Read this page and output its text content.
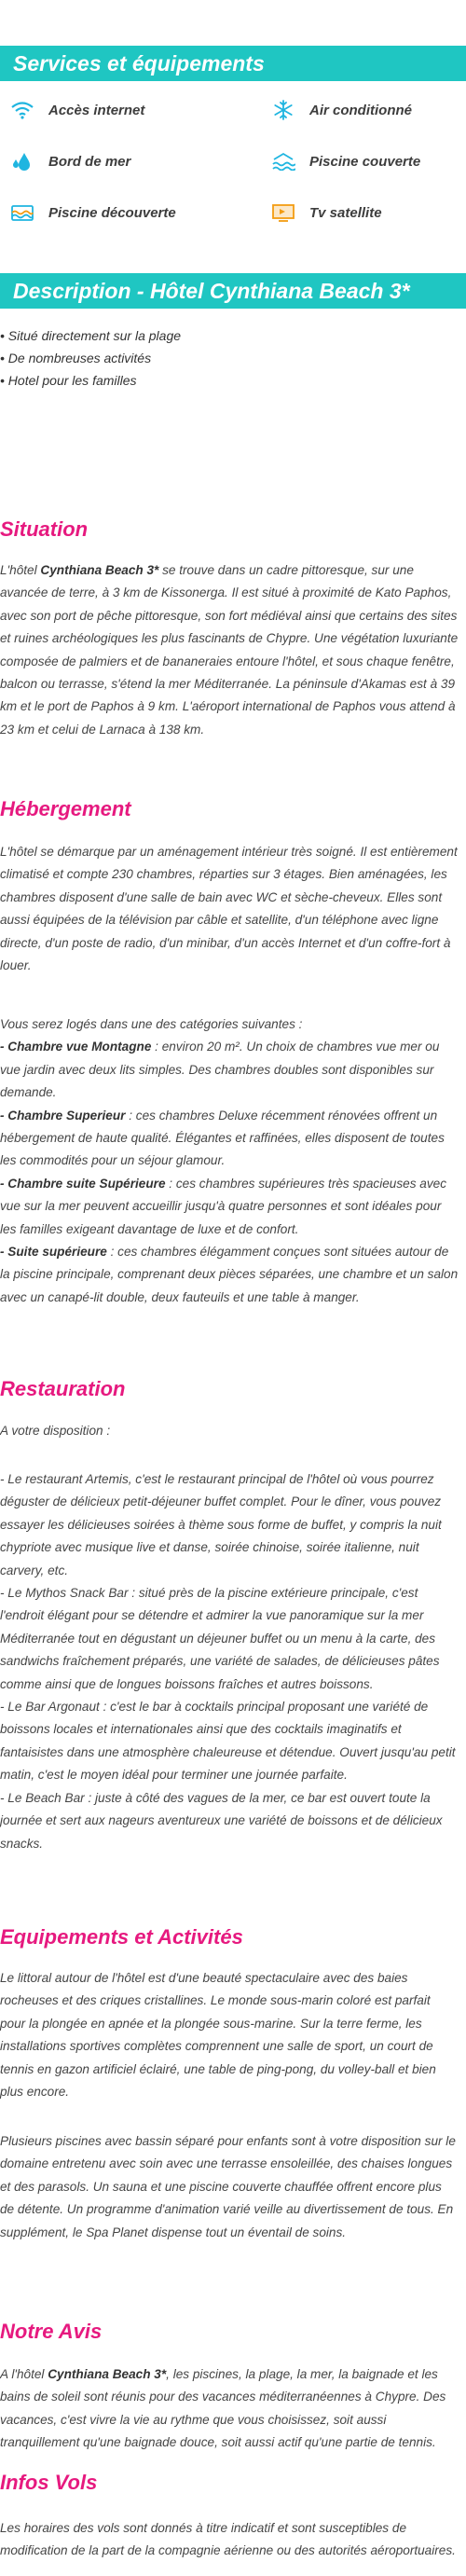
Services et équipements
Accès internet	Air conditionné
Bord de mer	Piscine couverte
Piscine découverte	Tv satellite
Description - Hôtel Cynthiana Beach 3*
• Situé directement sur la plage
• De nombreuses activités
• Hotel pour les familles
Situation

L'hôtel Cynthiana Beach 3* se trouve dans un cadre pittoresque, sur une avancée de terre, à 3 km de Kissonerga. Il est situé à proximité de Kato Paphos, avec son port de pêche pittoresque, son fort médiéval ainsi que certains des sites et ruines archéologiques les plus fascinants de Chypre. Une végétation luxuriante composée de palmiers et de bananeraies entoure l'hôtel, et sous chaque fenêtre, balcon ou terrasse, s'étend la mer Méditerranée. La péninsule d'Akamas est à 39 km et le port de Paphos à 9 km. L'aéroport international de Paphos vous attend à 23 km et celui de Larnaca à 138 km.

Hébergement

L'hôtel se démarque par un aménagement intérieur très soigné. Il est entièrement climatisé et compte 230 chambres, réparties sur 3 étages. Bien aménagées, les chambres disposent d'une salle de bain avec WC et sèche-cheveux. Elles sont aussi équipées de la télévision par câble et satellite, d'un téléphone avec ligne directe, d'un poste de radio, d'un minibar, d'un accès Internet et d'un coffre-fort à louer.

Vous serez logés dans une des catégories suivantes :
- Chambre vue Montagne : environ 20 m². Un choix de chambres vue mer ou vue jardin avec deux lits simples. Des chambres doubles sont disponibles sur demande.
- Chambre Superieur : ces chambres Deluxe récemment rénovées offrent un hébergement de haute qualité. Élégantes et raffinées, elles disposent de toutes les commodités pour un séjour glamour.
- Chambre suite Supérieure : ces chambres supérieures très spacieuses avec vue sur la mer peuvent accueillir jusqu'à quatre personnes et sont idéales pour les familles exigeant davantage de luxe et de confort.
- Suite supérieure : ces chambres élégamment conçues sont situées autour de la piscine principale, comprenant deux pièces séparées, une chambre et un salon avec un canapé-lit double, deux fauteuils et une table à manger.

Restauration

A votre disposition :

- Le restaurant Artemis, c'est le restaurant principal de l'hôtel où vous pourrez déguster de délicieux petit-déjeuner buffet complet. Pour le dîner, vous pouvez essayer les délicieuses soirées à thème sous forme de buffet, y compris la nuit chypriote avec musique live et danse, soirée chinoise, soirée italienne, nuit carvery, etc.
- Le Mythos Snack Bar : situé près de la piscine extérieure principale, c'est l'endroit élégant pour se détendre et admirer la vue panoramique sur la mer Méditerranée tout en dégustant un déjeuner buffet ou un menu à la carte, des sandwichs fraîchement préparés, une variété de salades, de délicieuses pâtes comme ainsi que de longues boissons fraîches et autres boissons.
- Le Bar Argonaut : c'est le bar à cocktails principal proposant une variété de boissons locales et internationales ainsi que des cocktails imaginatifs et fantaisistes dans une atmosphère chaleureuse et détendue. Ouvert jusqu'au petit matin, c'est le moyen idéal pour terminer une journée parfaite.
- Le Beach Bar : juste à côté des vagues de la mer, ce bar est ouvert toute la journée et sert aux nageurs aventureux une variété de boissons et de délicieux snacks.

Equipements et Activités

Le littoral autour de l'hôtel est d'une beauté spectaculaire avec des baies rocheuses et des criques cristallines. Le monde sous-marin coloré est parfait pour la plongée en apnée et la plongée sous-marine. Sur la terre ferme, les installations sportives complètes comprennent une salle de sport, un court de tennis en gazon artificiel éclairé, une table de ping-pong, du volley-ball et bien plus encore.

Plusieurs piscines avec bassin séparé pour enfants sont à votre disposition sur le domaine entretenu avec soin avec une terrasse ensoleillée, des chaises longues et des parasols. Un sauna et une piscine couverte chauffée offrent encore plus de détente. Un programme d'animation varié veille au divertissement de tous. En supplément, le Spa Planet dispense tout un éventail de soins.

Notre Avis

A l'hôtel Cynthiana Beach 3*, les piscines, la plage, la mer, la baignade et les bains de soleil sont réunis pour des vacances méditerranéennes à Chypre. Des vacances, c'est vivre la vie au rythme que vous choisissez, soit aussi tranquillement qu'une baignade douce, soit aussi actif qu'une partie de tennis.

Infos Vols

Les horaires des vols sont donnés à titre indicatif et sont susceptibles de modification de la part de la compagnie aérienne ou des autorités aéroportuaires.
